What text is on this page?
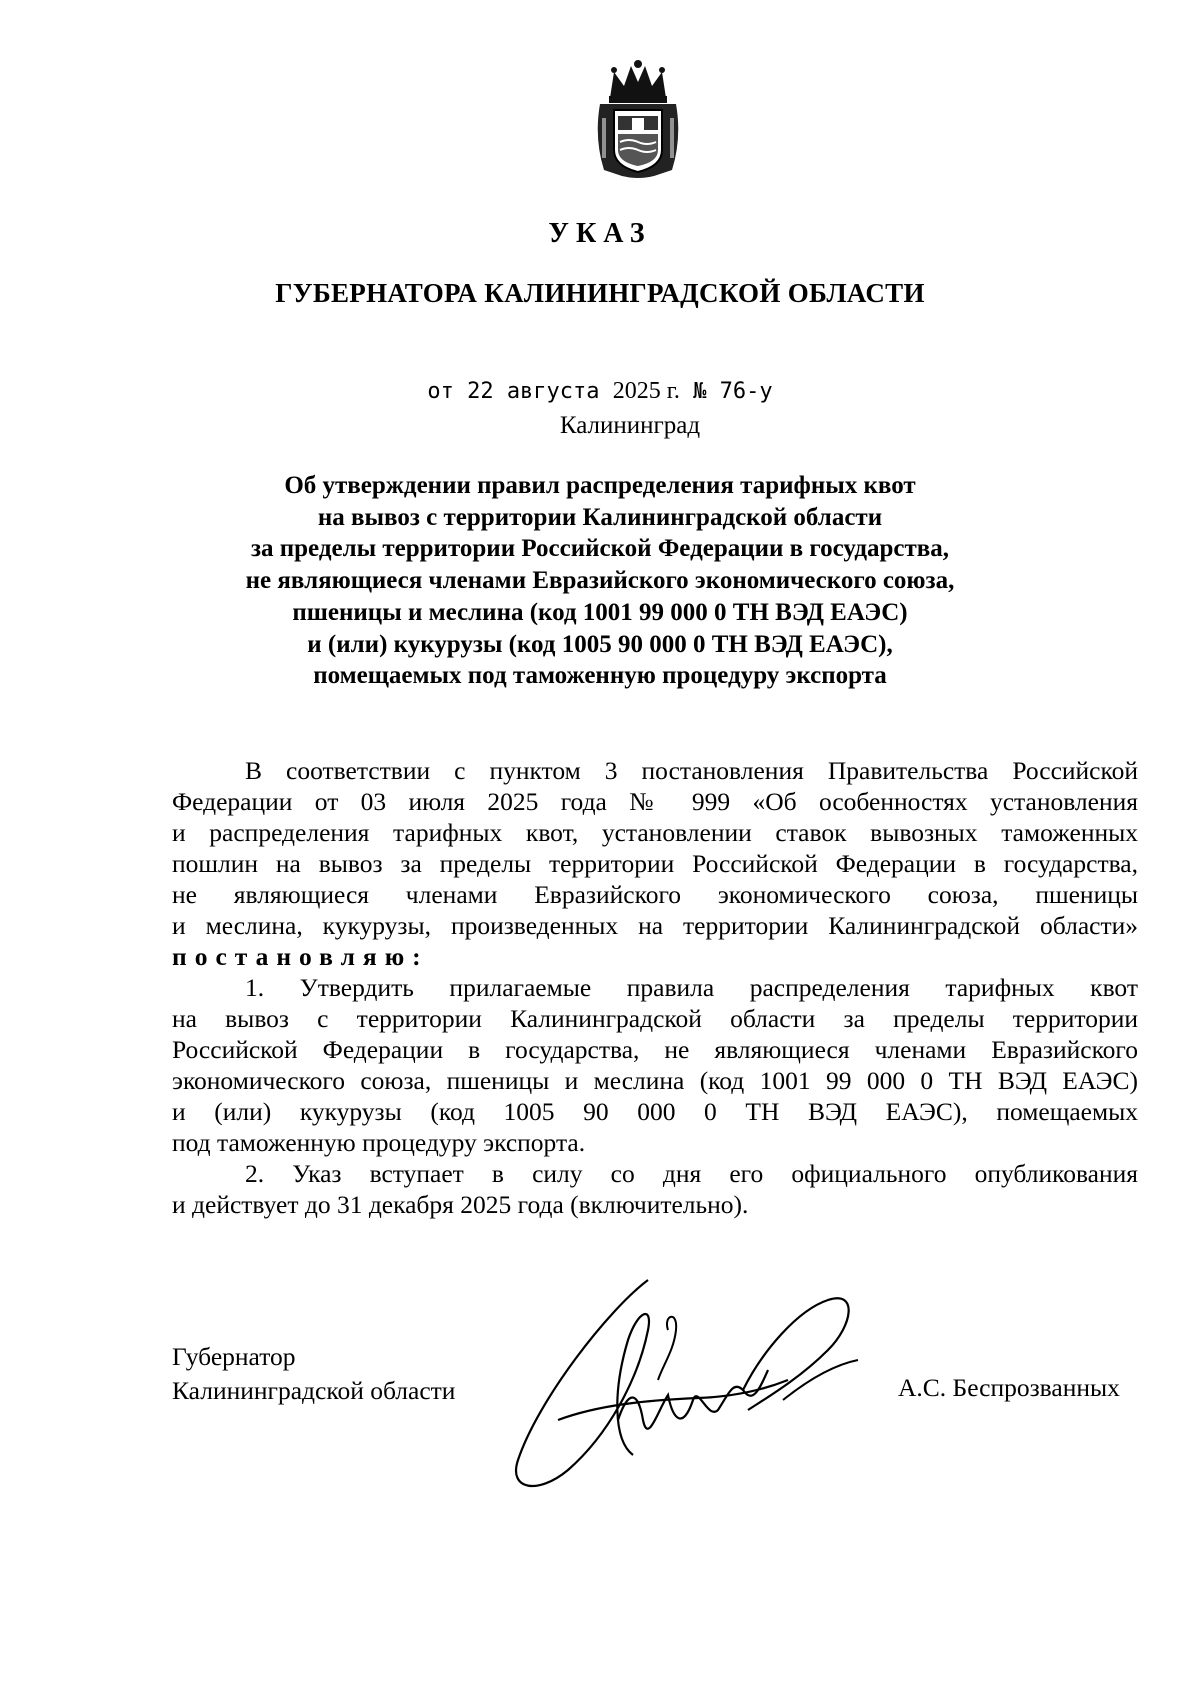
УКАЗ
ГУБЕРНАТОРА КАЛИНИНГРАДСКОЙ ОБЛАСТИ
от 22 августа 2025 г. № 76-у
Калининград
Об утверждении правил распределения тарифных квот
на вывоз с территории Калининградской области
за пределы территории Российской Федерации в государства,
не являющиеся членами Евразийского экономического союза,
пшеницы и меслина (код 1001 99 000 0 ТН ВЭД ЕАЭС)
и (или) кукурузы (код 1005 90 000 0 ТН ВЭД ЕАЭС),
помещаемых под таможенную процедуру экспорта
В соответствии с пунктом 3 постановления Правительства Российской
Федерации от 03 июля 2025 года № 999 «Об особенностях установления
и распределения тарифных квот, установлении ставок вывозных таможенных
пошлин на вывоз за пределы территории Российской Федерации в государства,
не являющиеся членами Евразийского экономического союза, пшеницы
и меслина, кукурузы, произведенных на территории Калининградской области»
постановляю:
1. Утвердить прилагаемые правила распределения тарифных квот
на вывоз с территории Калининградской области за пределы территории
Российской Федерации в государства, не являющиеся членами Евразийского
экономического союза, пшеницы и меслина (код 1001 99 000 0 ТН ВЭД ЕАЭС)
и (или) кукурузы (код 1005 90 000 0 ТН ВЭД ЕАЭС), помещаемых
под таможенную процедуру экспорта.
2. Указ вступает в силу со дня его официального опубликования
и действует до 31 декабря 2025 года (включительно).
Губернатор
Калининградской области	А.С. Беспрозванных
